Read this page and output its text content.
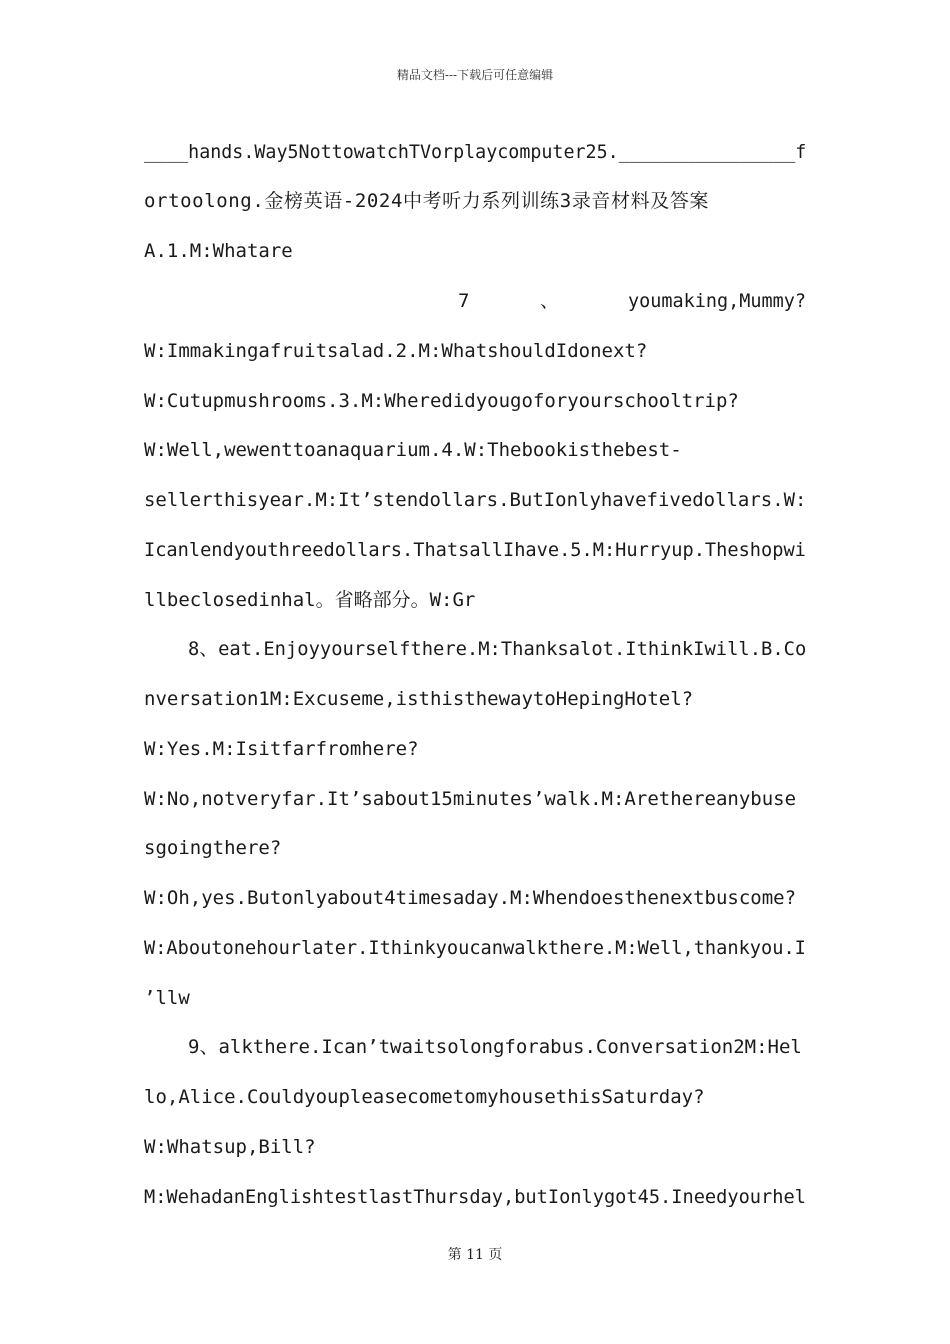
精品文档---下载后可任意编辑
____hands.Way5NottowatchTVorplaycomputer25.________________f
ortoolong.金榜英语-2024中考听力系列训练3录音材料及答案
A.1.M:Whatare
7	、	youmaking,Mummy?
W:Immakingafruitsalad.2.M:WhatshouldIdonext?
W:Cutupmushrooms.3.M:Wheredidyougoforyourschooltrip?
W:Well,wewenttoanaquarium.4.W:Thebookisthebest-
sellerthisyear.M:It’stendollars.ButIonlyhavefivedollars.W:
Icanlendyouthreedollars.ThatsallIhave.5.M:Hurryup.Theshopwi
llbeclosedinhal。省略部分。W:Gr
8、eat.Enjoyyourselfthere.M:Thanksalot.IthinkIwill.B.Co
nversation1M:Excuseme,isthisthewaytoHepingHotel?
W:Yes.M:Isitfarfromhere?
W:No,notveryfar.It’sabout15minutes’walk.M:Arethereanybuse
sgoingthere?
W:Oh,yes.Butonlyabout4timesaday.M:Whendoesthenextbuscome?
W:Aboutonehourlater.Ithinkyoucanwalkthere.M:Well,thankyou.I
’llw
9、alkthere.Ican’twaitsolongforabus.Conversation2M:Hel
lo,Alice.CouldyoupleasecometomyhousethisSaturday?
W:Whatsup,Bill?
M:WehadanEnglishtestlastThursday,butIonlygot45.Ineedyourhel
第 11 页
